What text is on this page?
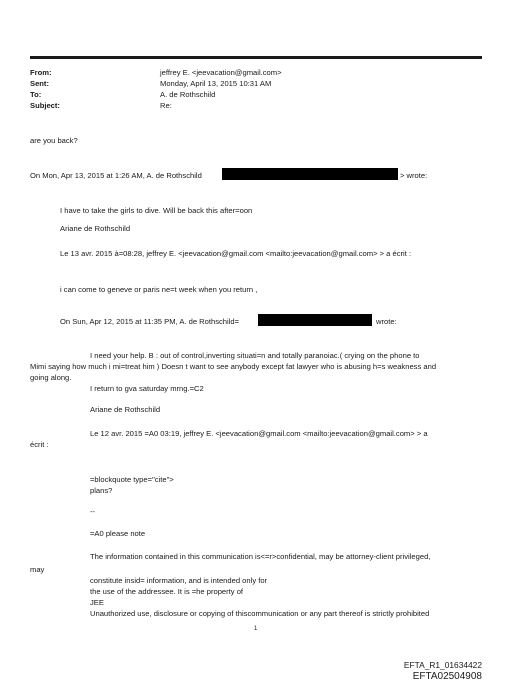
From:
Sent:
To:
Subject:
jeffrey E. <jeevacation@gmail.com>
Monday, April 13, 2015 10:31 AM
A. de Rothschild
Re:
are you back?
On Mon, Apr 13, 2015 at 1:26 AM, A. de Rothschild	> wrote:
I have to take the girls to dive. Will be back this after=oon
Ariane de Rothschild
Le 13 avr. 2015 à=08:28, jeffrey E. <jeevacation@gmail.com <mailto:jeevacation@gmail.com> > a écrit :
i can come to geneve or paris ne=t week when you return ,
On Sun, Apr 12, 2015 at 11:35 PM, A. de Rothschild=	wrote:
I need your help. B : out of control,inverting situati=n and totally paranoiac.( crying on the phone to
Mimi saying how much i mi=treat him ) Doesn t want to see anybody except fat lawyer who is abusing h=s weakness and
going along.
I return to gva saturday mrng.=C2
Ariane de Rothschild
Le 12 avr. 2015 =A0 03:19, jeffrey E. <jeevacation@gmail.com <mailto:jeevacation@gmail.com> > a
écrit :
=blockquote type="cite">
plans?
--
=A0 please note
The information contained in this communication is<=r>confidential, may be attorney-client privileged,
may
constitute insid= information, and is intended only for
the use of the addressee. It is =he property of
JEE
Unauthorized use, disclosure or copying of thiscommunication or any part thereof is strictly prohibited
1
EFTA_R1_01634422
EFTA02504908
